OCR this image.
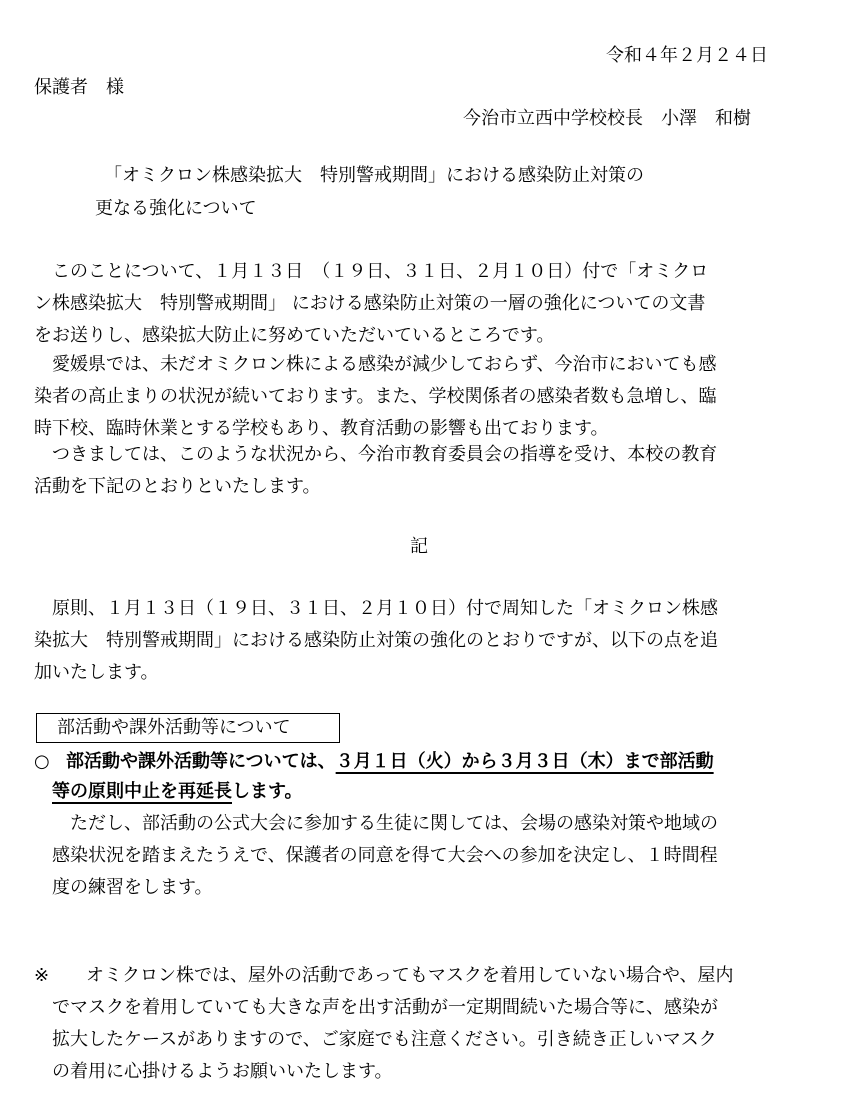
令和４年２月２４日
保護者　様
今治市立西中学校校長　小澤　和樹
「オミクロン株感染拡大　特別警戒期間」における感染防止対策の
更なる強化について
　このことについて、１月１３日　（１９日、３１日、２月１０日）付で「オミクロ
ン株感染拡大　特別警戒期間」 における感染防止対策の一層の強化についての文書
をお送りし、感染拡大防止に努めていただいているところです。
　愛媛県では、未だオミクロン株による感染が減少しておらず、今治市においても感
染者の高止まりの状況が続いております。また、学校関係者の感染者数も急増し、臨
時下校、臨時休業とする学校もあり、教育活動の影響も出ております。
　つきましては、このような状況から、今治市教育委員会の指導を受け、本校の教育
活動を下記のとおりといたします。
記
　原則、１月１３日（１９日、３１日、２月１０日）付で周知した「オミクロン株感
染拡大　特別警戒期間」における感染防止対策の強化のとおりですが、以下の点を追
加いたします。
部活動や課外活動等について
○ 部活動や課外活動等については、３月１日（火）から３月３日（木）まで部活動
等の原則中止を再延長します。
　ただし、部活動の公式大会に参加する生徒に関しては、会場の感染対策や地域の
感染状況を踏まえたうえで、保護者の同意を得て大会への参加を決定し、１時間程
度の練習をします。
※	　オミクロン株では、屋外の活動であってもマスクを着用していない場合や、屋内
でマスクを着用していても大きな声を出す活動が一定期間続いた場合等に、感染が
拡大したケースがありますので、ご家庭でも注意ください。引き続き正しいマスク
の着用に心掛けるようお願いいたします。
